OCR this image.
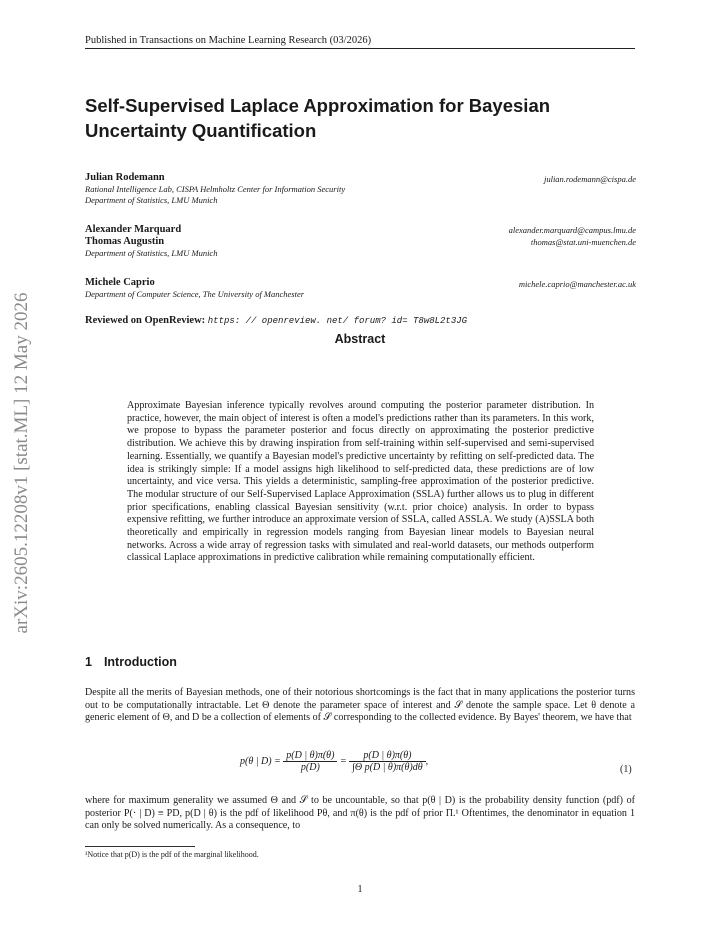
arXiv:2605.12208v1 [stat.ML] 12 May 2026
Published in Transactions on Machine Learning Research (03/2026)
Self-Supervised Laplace Approximation for Bayesian
Uncertainty Quantification
Julian Rodemann
Rational Intelligence Lab, CISPA Helmholtz Center for Information Security
Department of Statistics, LMU Munich
julian.rodemann@cispa.de
Alexander Marquard
Thomas Augustin
Department of Statistics, LMU Munich
alexander.marquard@campus.lmu.de
thomas@stat.uni-muenchen.de
Michele Caprio
Department of Computer Science, The University of Manchester
michele.caprio@manchester.ac.uk
Reviewed on OpenReview: https: // openreview. net/ forum? id= T8w8L2t3JG
Abstract
Approximate Bayesian inference typically revolves around computing the posterior parameter distribution. In practice, however, the main object of interest is often a model's predictions rather than its parameters. In this work, we propose to bypass the parameter posterior and focus directly on approximating the posterior predictive distribution. We achieve this by drawing inspiration from self-training within self-supervised and semi-supervised learning. Essentially, we quantify a Bayesian model's predictive uncertainty by refitting on self-predicted data. The idea is strikingly simple: If a model assigns high likelihood to self-predicted data, these predictions are of low uncertainty, and vice versa. This yields a deterministic, sampling-free approximation of the posterior predictive. The modular structure of our Self-Supervised Laplace Approximation (SSLA) further allows us to plug in different prior specifications, enabling classical Bayesian sensitivity (w.r.t. prior choice) analysis. In order to bypass expensive refitting, we further introduce an approximate version of SSLA, called ASSLA. We study (A)SSLA both theoretically and empirically in regression models ranging from Bayesian linear models to Bayesian neural networks. Across a wide array of regression tasks with simulated and real-world datasets, our methods outperform classical Laplace approximations in predictive calibration while remaining computationally efficient.
1 Introduction
Despite all the merits of Bayesian methods, one of their notorious shortcomings is the fact that in many applications the posterior turns out to be computationally intractable. Let Θ denote the parameter space of interest and 𝒮 denote the sample space. Let θ denote a generic element of Θ, and D be a collection of elements of 𝒮 corresponding to the collected evidence. By Bayes' theorem, we have that
p(θ | $D) = \frac{p(D | \theta)\pi(\theta)}{p(D)} = \frac{p(D | \theta)\pi(\theta)}{\text{∫Θ p(D | θ)π(θ)dθ}}$ ,
(1)
where for maximum generality we assumed Θ and 𝒮 to be uncountable, so that p(θ | D) is the probability density function (pdf) of posterior P(· | D) ≡ PD, p(D | θ) is the pdf of likelihood Pθ, and π(θ) is the pdf of prior Π.¹ Oftentimes, the denominator in equation 1 can only be solved numerically. As a consequence, to
¹Notice that p(D) is the pdf of the marginal likelihood.
1
